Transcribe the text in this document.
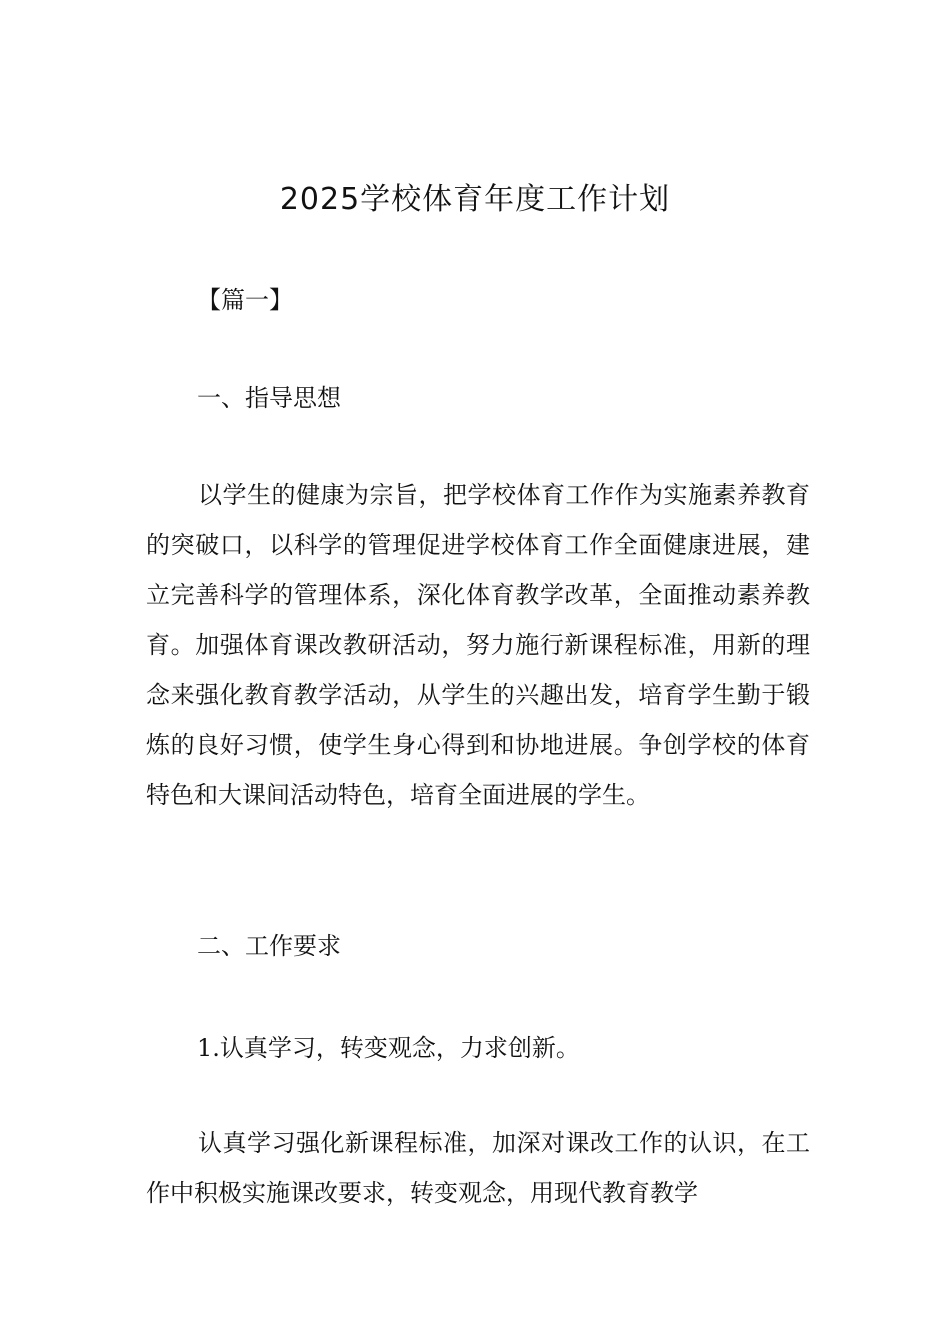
2025学校体育年度工作计划

【篇一】

一、指导思想

以学生的健康为宗旨，把学校体育工作作为实施素养教育的突破口，以科学的管理促进学校体育工作全面健康进展，建立完善科学的管理体系，深化体育教学改革，全面推动素养教育。加强体育课改教研活动，努力施行新课程标准，用新的理念来强化教育教学活动，从学生的兴趣出发，培育学生勤于锻炼的良好习惯，使学生身心得到和协地进展。争创学校的体育特色和大课间活动特色，培育全面进展的学生。

二、工作要求

1.认真学习，转变观念，力求创新。

认真学习强化新课程标准，加深对课改工作的认识，在工作中积极实施课改要求，转变观念，用现代教育教学
